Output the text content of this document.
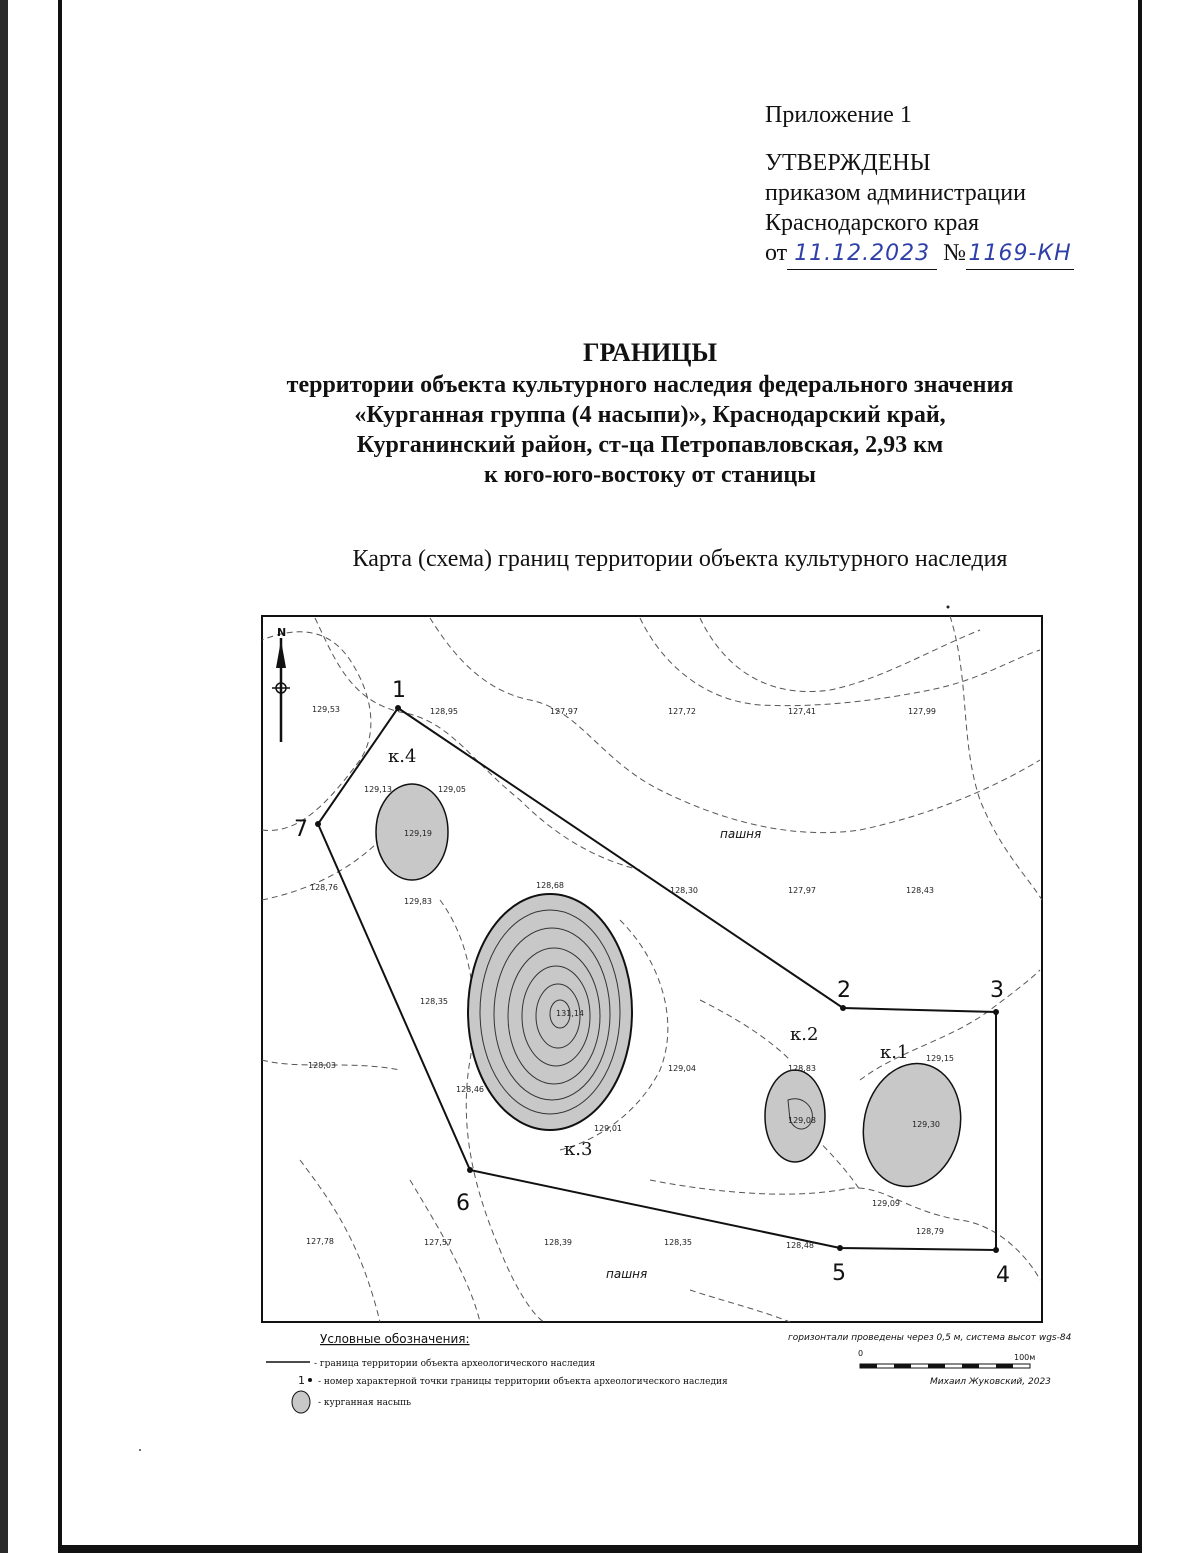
Приложение 1
УТВЕРЖДЕНЫ
приказом администрации
Краснодарского края
от 11.12.2023 № 1169-КН
ГРАНИЦЫ
территории объекта культурного наследия федерального значения
«Курганная группа (4 насыпи)», Краснодарский край,
Курганинский район, ст-ца Петропавловская, 2,93 км
к юго-юго-востоку от станицы
Карта (схема) границ территории объекта культурного наследия
1
2	3
4
5
6
7
к.1
к.2
к.3
к.4
пашня
пашня
129,53	128,95	127,97	127,72	127,41	127,99
129,13	129,05
129,19
129,83
128,76	128,68
128,30	127,97	128,43
128,35
131,14
128,03
128,46
129,04
129,01
128,83
129,08
129,15
129,30
129,09
128,79
127,78	127,57	128,39	128,35	128,48
N
Условные обозначения:
- граница территории объекта археологического наследия
1 - номер характерной точки границы территории объекта археологического наследия
- курганная насыпь
горизонтали проведены через 0,5 м, система высот wgs-84
0	100м
Михаил Жуковский, 2023
